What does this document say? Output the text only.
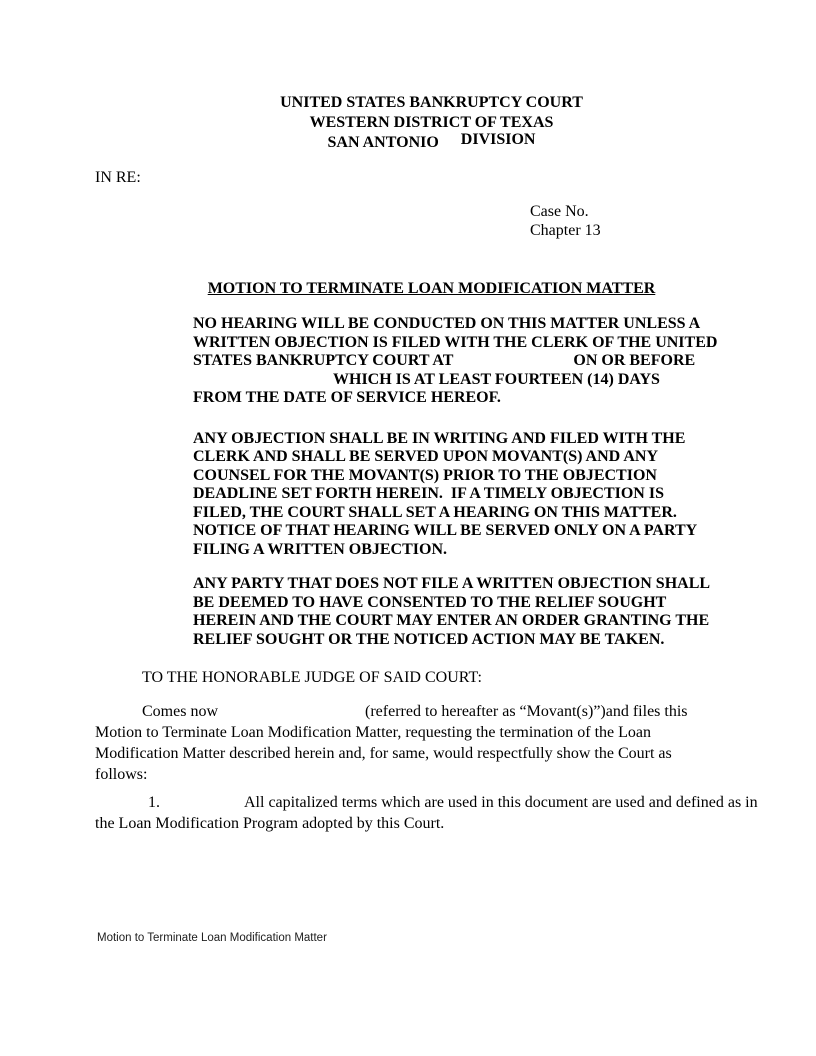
UNITED STATES BANKRUPTCY COURT
WESTERN DISTRICT OF TEXAS
SAN ANTONIO DIVISION
IN RE:
Case No.
Chapter 13
MOTION TO TERMINATE LOAN MODIFICATION MATTER
NO HEARING WILL BE CONDUCTED ON THIS MATTER UNLESS A
WRITTEN OBJECTION IS FILED WITH THE CLERK OF THE UNITED
STATES BANKRUPTCY COURT AT	ON OR BEFORE
WHICH IS AT LEAST FOURTEEN (14) DAYS
FROM THE DATE OF SERVICE HEREOF.
ANY OBJECTION SHALL BE IN WRITING AND FILED WITH THE
CLERK AND SHALL BE SERVED UPON MOVANT(S) AND ANY
COUNSEL FOR THE MOVANT(S) PRIOR TO THE OBJECTION
DEADLINE SET FORTH HEREIN.  IF A TIMELY OBJECTION IS
FILED, THE COURT SHALL SET A HEARING ON THIS MATTER.
NOTICE OF THAT HEARING WILL BE SERVED ONLY ON A PARTY
FILING A WRITTEN OBJECTION.
ANY PARTY THAT DOES NOT FILE A WRITTEN OBJECTION SHALL
BE DEEMED TO HAVE CONSENTED TO THE RELIEF SOUGHT
HEREIN AND THE COURT MAY ENTER AN ORDER GRANTING THE
RELIEF SOUGHT OR THE NOTICED ACTION MAY BE TAKEN.
TO THE HONORABLE JUDGE OF SAID COURT:
Comes now	(referred to hereafter as “Movant(s)”)and files this
Motion to Terminate Loan Modification Matter, requesting the termination of the Loan
Modification Matter described herein and, for same, would respectfully show the Court as
follows:
1.	All capitalized terms which are used in this document are used and defined as in
the Loan Modification Program adopted by this Court.
Motion to Terminate Loan Modification Matter
